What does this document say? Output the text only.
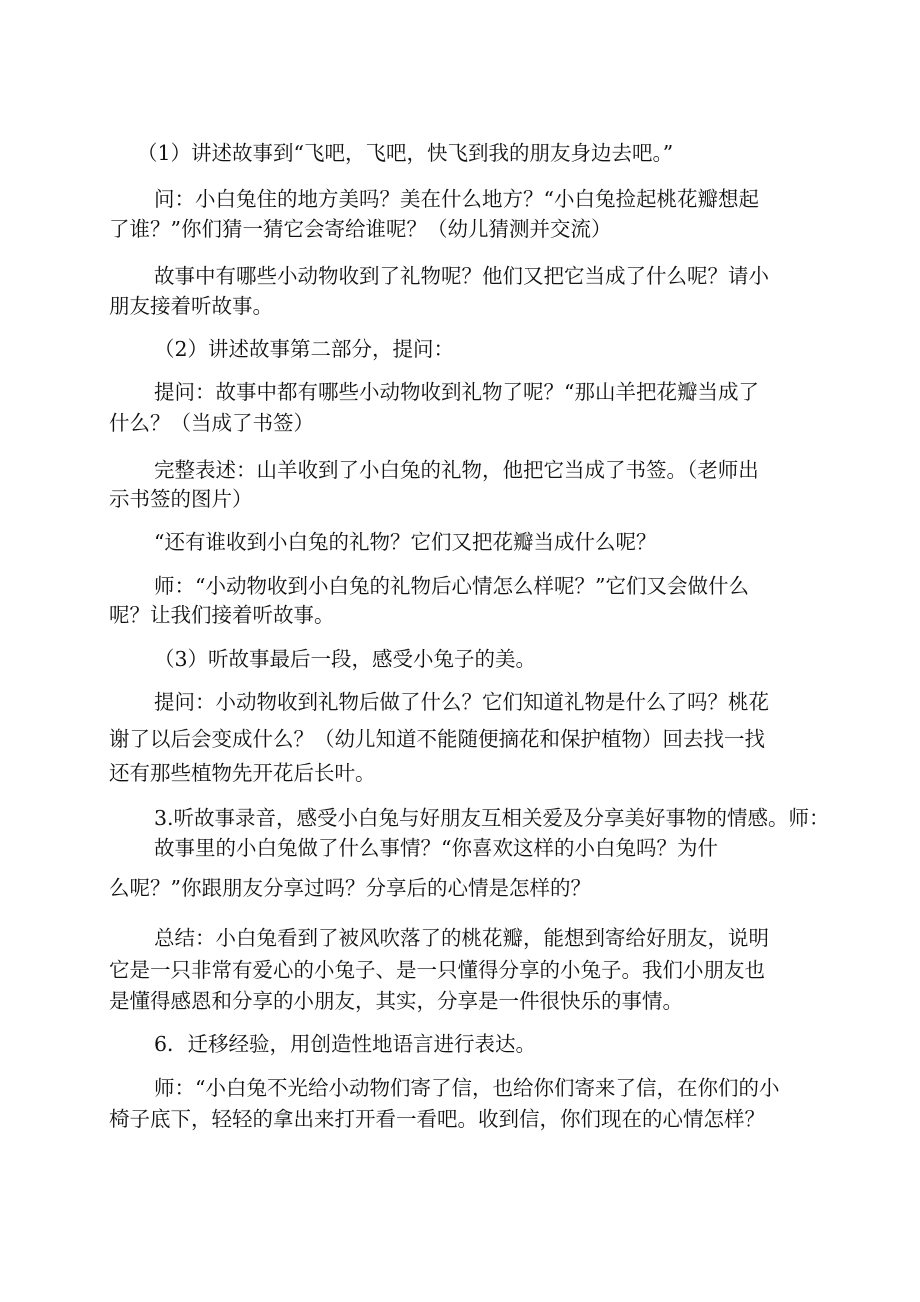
（1）讲述故事到“飞吧，飞吧，快飞到我的朋友身边去吧。”
问：小白兔住的地方美吗？美在什么地方？“小白兔捡起桃花瓣想起
了谁？”你们猜一猜它会寄给谁呢？（幼儿猜测并交流）
故事中有哪些小动物收到了礼物呢？他们又把它当成了什么呢？请小
朋友接着听故事。
（2）讲述故事第二部分，提问：
提问：故事中都有哪些小动物收到礼物了呢？“那山羊把花瓣当成了
什么？（当成了书签）
完整表述：山羊收到了小白兔的礼物，他把它当成了书签。（老师出
示书签的图片）
“还有谁收到小白兔的礼物？它们又把花瓣当成什么呢？
师：“小动物收到小白兔的礼物后心情怎么样呢？”它们又会做什么
呢？让我们接着听故事。
（3）听故事最后一段，感受小兔子的美。
提问：小动物收到礼物后做了什么？它们知道礼物是什么了吗？桃花
谢了以后会变成什么？（幼儿知道不能随便摘花和保护植物）回去找一找
还有那些植物先开花后长叶。
3.听故事录音，感受小白兔与好朋友互相关爱及分享美好事物的情感。师：
故事里的小白兔做了什么事情？“你喜欢这样的小白兔吗？为什
么呢？”你跟朋友分享过吗？分享后的心情是怎样的？
总结：小白兔看到了被风吹落了的桃花瓣，能想到寄给好朋友，说明
它是一只非常有爱心的小兔子、是一只懂得分享的小兔子。我们小朋友也
是懂得感恩和分享的小朋友，其实，分享是一件很快乐的事情。
6．迁移经验，用创造性地语言进行表达。
师：“小白兔不光给小动物们寄了信，也给你们寄来了信，在你们的小
椅子底下，轻轻的拿出来打开看一看吧。收到信，你们现在的心情怎样？
